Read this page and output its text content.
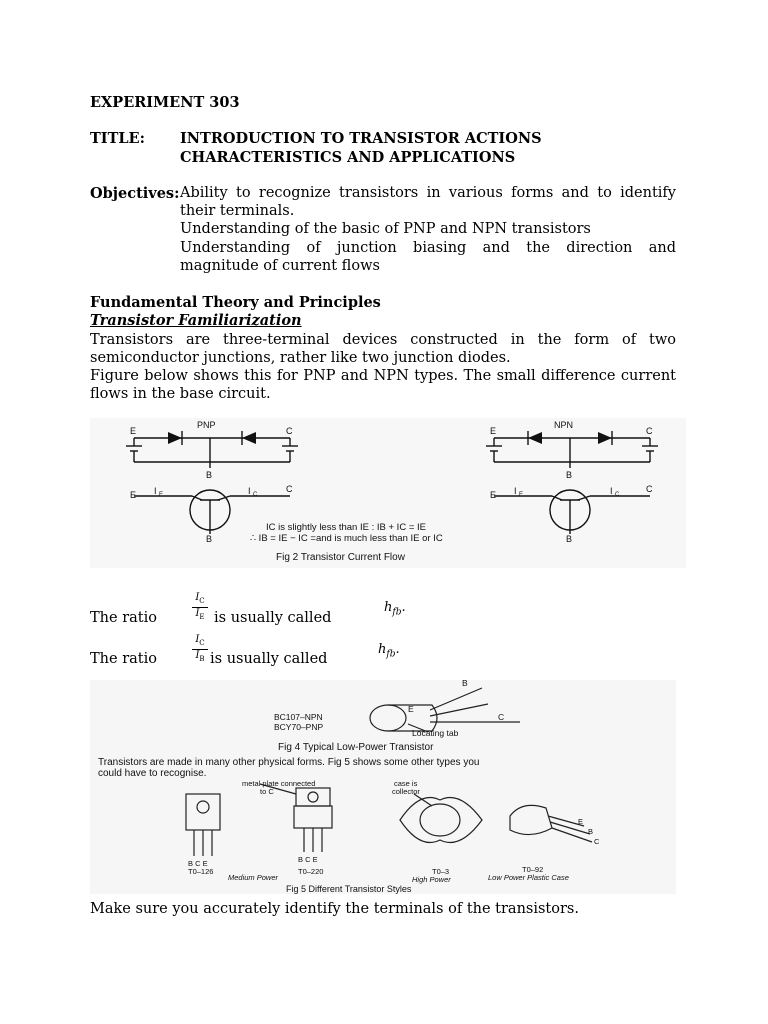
EXPERIMENT 303
TITLE: INTRODUCTION TO TRANSISTOR ACTIONS
CHARACTERISTICS AND APPLICATIONS
Objectives: Ability to recognize transistors in various forms and to identify
their terminals.
Understanding of the basic of PNP and NPN transistors
Understanding of junction biasing and the direction and
magnitude of current flows
Fundamental Theory and Principles
Transistor Familiarization
Transistors are three-terminal devices constructed in the form of two
semiconductor junctions, rather like two junction diodes.
Figure below shows this for PNP and NPN types. The small difference current
flows in the base circuit.
PNP	NPN
E	C
B
E	C
B
E
C
B
E
C
B
I E	I C	I E	I C
IC is slightly less than IE : IB + IC = IE
∴ IB = IE − IC =and is much less than IE or IC
Fig 2 Transistor Current Flow
The ratio
$I_C$
$I_E$ is usually called
$h_{fb}$.
The ratio
$I_C$
$I_B$ is usually called
$h_{fb}$.
BC107–NPN
BCY70–PNP
Locating tab
B
E
C
Fig 4 Typical Low-Power Transistor
Transistors are made in many other physical forms. Fig 5 shows some other types you
could have to recognise.
metal plate connected
to C
B C E	B C E
T0–126	T0–220
Medium Power
case is
collector
T0–3
High Power
T0–92
Low Power Plastic Case
E
B
C
Fig 5 Different Transistor Styles
Make sure you accurately identify the terminals of the transistors.
